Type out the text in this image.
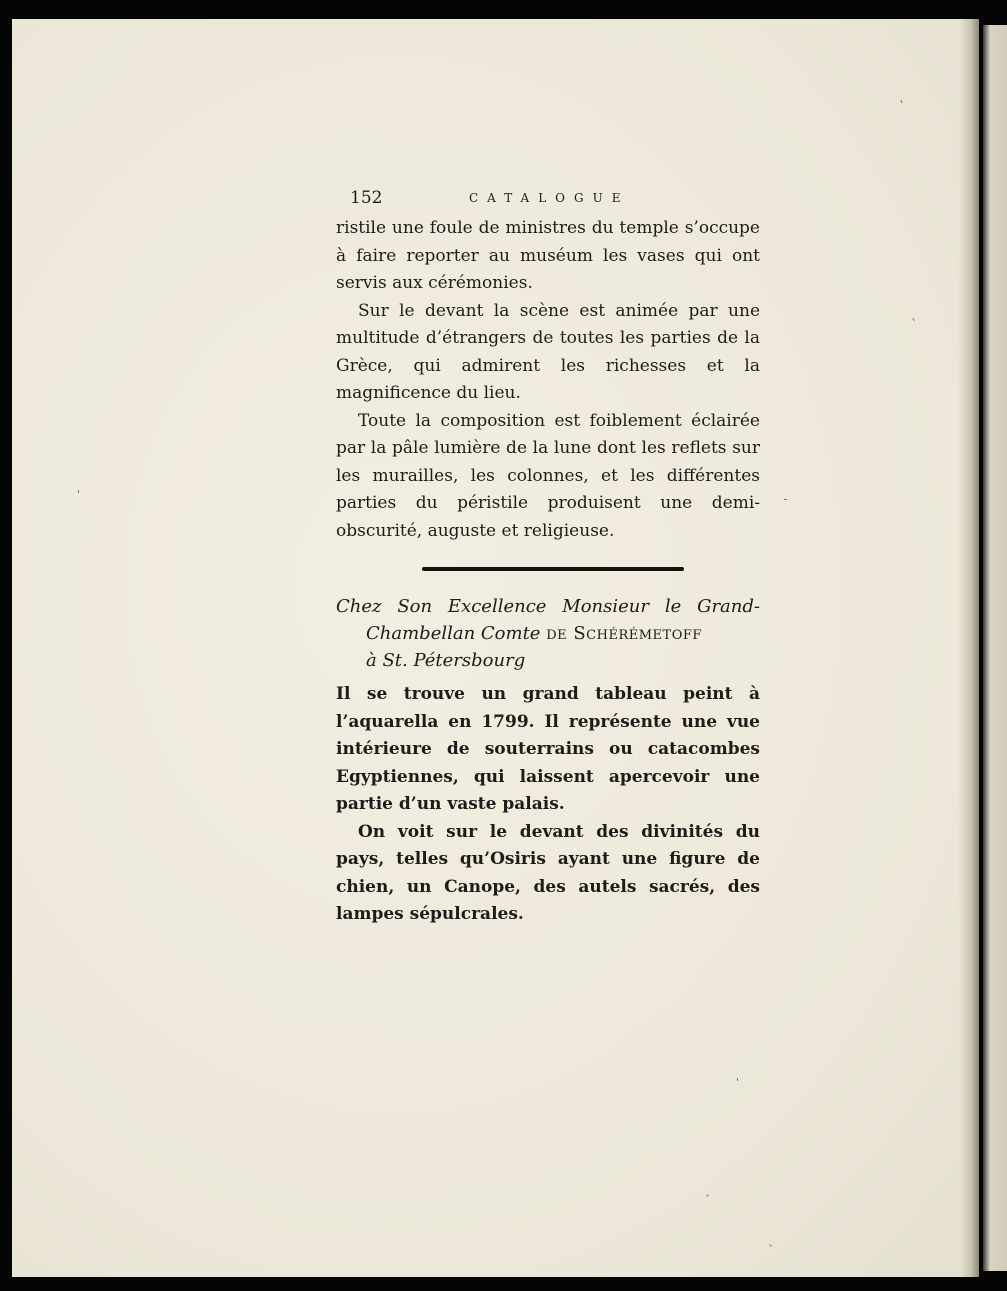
152	CATALOGUE

ristile une foule de ministres du temple s’occupe à faire reporter au muséum les vases qui ont servis aux cérémonies.

Sur le devant la scène est animée par une multitude d’étrangers de toutes les parties de la Grèce, qui admirent les richesses et la magnificence du lieu.

Toute la composition est foiblement éclairée par la pâle lumière de la lune dont les reflets sur les murailles, les colonnes, et les différentes parties du péristile produisent une demi-obscurité, auguste et religieuse.

Chez Son Excellence Monsieur le Grand-
Chambellan Comte de Schérémetoff
à St. Pétersbourg

Il se trouve un grand tableau peint à l’aquarella en 1799. Il représente une vue intérieure de souterrains ou catacombes Egyptiennes, qui laissent apercevoir une partie d’un vaste palais.

On voit sur le devant des divinités du pays, telles qu’Osiris ayant une figure de chien, un Canope, des autels sacrés, des lampes sépulcrales.
